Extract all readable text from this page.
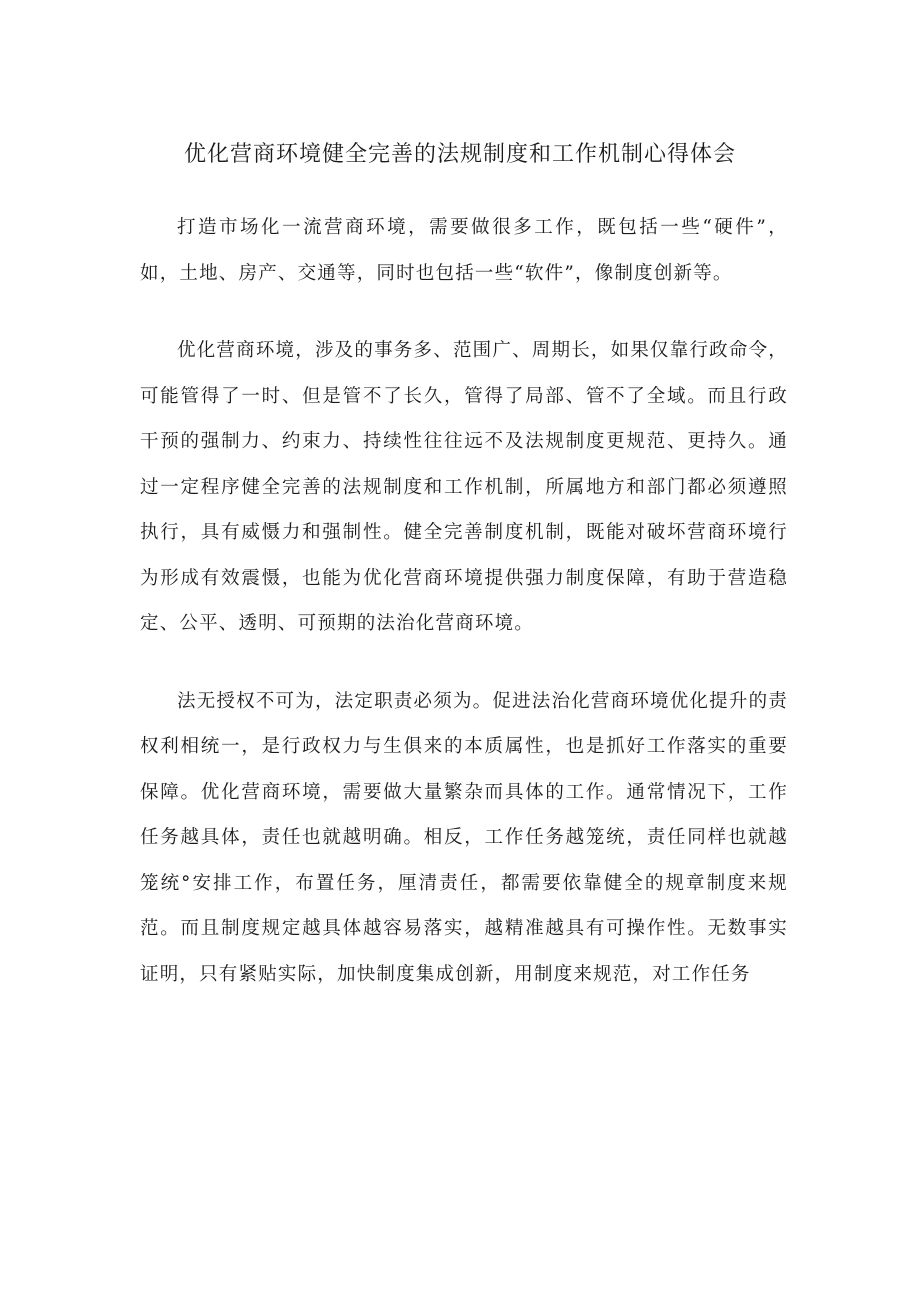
优化营商环境健全完善的法规制度和工作机制心得体会

打造市场化一流营商环境，需要做很多工作，既包括一些“硬件”，如，土地、房产、交通等，同时也包括一些“软件”，像制度创新等。

优化营商环境，涉及的事务多、范围广、周期长，如果仅靠行政命令，可能管得了一时、但是管不了长久，管得了局部、管不了全域。而且行政干预的强制力、约束力、持续性往往远不及法规制度更规范、更持久。通过一定程序健全完善的法规制度和工作机制，所属地方和部门都必须遵照执行，具有威慑力和强制性。健全完善制度机制，既能对破坏营商环境行为形成有效震慑，也能为优化营商环境提供强力制度保障，有助于营造稳定、公平、透明、可预期的法治化营商环境。

法无授权不可为，法定职责必须为。促进法治化营商环境优化提升的责权利相统一，是行政权力与生俱来的本质属性，也是抓好工作落实的重要保障。优化营商环境，需要做大量繁杂而具体的工作。通常情况下，工作任务越具体，责任也就越明确。相反，工作任务越笼统，责任同样也就越笼统°安排工作，布置任务，厘清责任，都需要依靠健全的规章制度来规范。而且制度规定越具体越容易落实，越精准越具有可操作性。无数事实证明，只有紧贴实际，加快制度集成创新，用制度来规范，对工作任务
